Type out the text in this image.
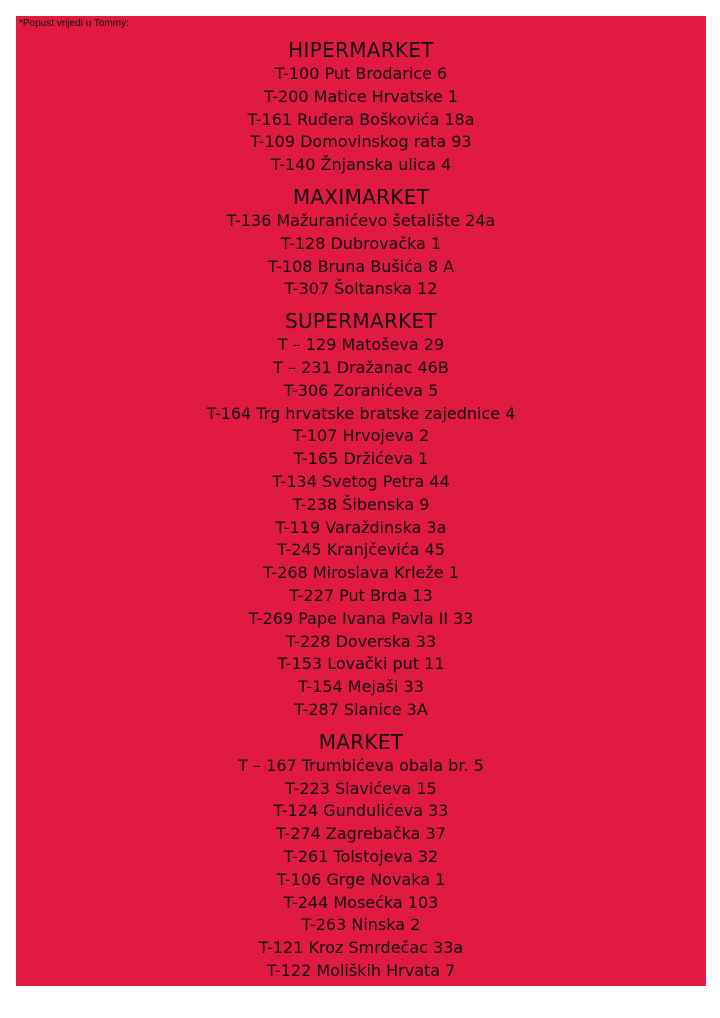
*Popust vrijedi u Tommy:
HIPERMARKET
T-100 Put Brodarice 6
T-200 Matice Hrvatske 1
T-161 Ruđera Boškovića 18a
T-109 Domovinskog rata 93
T-140 Žnjanska ulica 4
MAXIMARKET
T-136 Mažuranićevo šetalište 24a
T-128 Dubrovačka 1
T-108 Bruna Bušića 8 A
T-307 Šoltanska 12
SUPERMARKET
T – 129 Matoševa 29
T – 231 Dražanac 46B
T-306 Zoranićeva 5
T-164 Trg hrvatske bratske zajednice 4
T-107 Hrvojeva 2
T-165 Držićeva 1
T-134 Svetog Petra 44
T-238 Šibenska 9
T-119 Varaždinska 3a
T-245 Kranjčevića 45
T-268 Miroslava Krleže 1
T-227 Put Brda 13
T-269 Pape Ivana Pavla II 33
T-228 Doverska 33
T-153 Lovački put 11
T-154 Mejaši 33
T-287 Slanice 3A
MARKET
T – 167 Trumbićeva obala br. 5
T-223 Slavićeva 15
T-124 Gundulićeva 33
T-274 Zagrebačka 37
T-261 Tolstojeva 32
T-106 Grge Novaka 1
T-244 Mosećka 103
T-263 Ninska 2
T-121 Kroz Smrdečac 33a
T-122 Moliških Hrvata 7
